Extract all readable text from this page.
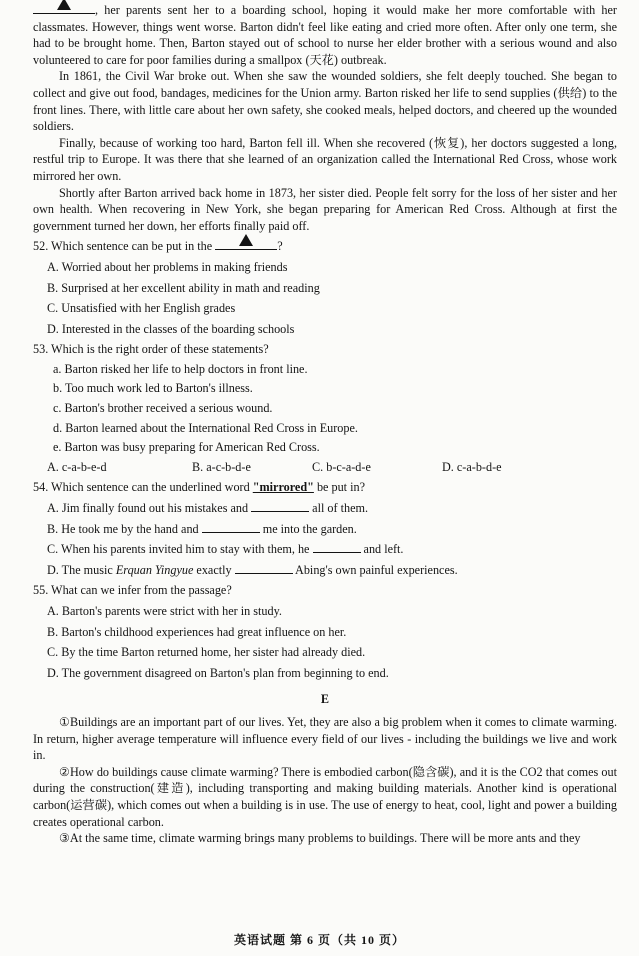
, her parents sent her to a boarding school, hoping it would make her more comfortable with her classmates. However, things went worse. Barton didn't feel like eating and cried more often. After only one term, she had to be brought home. Then, Barton stayed out of school to nurse her elder brother with a serious wound and also volunteered to care for poor families during a smallpox (天花) outbreak.

In 1861, the Civil War broke out. When she saw the wounded soldiers, she felt deeply touched. She began to collect and give out food, bandages, medicines for the Union army. Barton risked her life to send supplies (供给) to the front lines. There, with little care about her own safety, she cooked meals, helped doctors, and cheered up the wounded soldiers.

Finally, because of working too hard, Barton fell ill. When she recovered (恢复), her doctors suggested a long, restful trip to Europe. It was there that she learned of an organization called the International Red Cross, whose work mirrored her own.

Shortly after Barton arrived back home in 1873, her sister died. People felt sorry for the loss of her sister and her own health. When recovering in New York, she began preparing for American Red Cross. Although at first the government turned her down, her efforts finally paid off.

52. Which sentence can be put in the	?

A. Worried about her problems in making friends

B. Surprised at her excellent ability in math and reading

C. Unsatisfied with her English grades

D. Interested in the classes of the boarding schools

53. Which is the right order of these statements?

a. Barton risked her life to help doctors in front line.

b. Too much work led to Barton's illness.

c. Barton's brother received a serious wound.

d. Barton learned about the International Red Cross in Europe.

e. Barton was busy preparing for American Red Cross.

A. c-a-b-e-d	B. a-c-b-d-e	C. b-c-a-d-e	D. c-a-b-d-e

54. Which sentence can the underlined word "mirrored" be put in?

A. Jim finally found out his mistakes and	all of them.

B. He took me by the hand and	me into the garden.

C. When his parents invited him to stay with them, he	and left.

D. The music Erquan Yingyue exactly	Abing's own painful experiences.

55. What can we infer from the passage?

A. Barton's parents were strict with her in study.

B. Barton's childhood experiences had great influence on her.

C. By the time Barton returned home, her sister had already died.

D. The government disagreed on Barton's plan from beginning to end.

E

①Buildings are an important part of our lives. Yet, they are also a big problem when it comes to climate warming. In return, higher average temperature will influence every field of our lives - including the buildings we live and work in.

②How do buildings cause climate warming? There is embodied carbon(隐含碳), and it is the CO2 that comes out during the construction(建造), including transporting and making building materials. Another kind is operational carbon(运营碳), which comes out when a building is in use. The use of energy to heat, cool, light and power a building creates operational carbon.

③At the same time, climate warming brings many problems to buildings. There will be more ants and they

英语试题 第 6 页（共 10 页）
